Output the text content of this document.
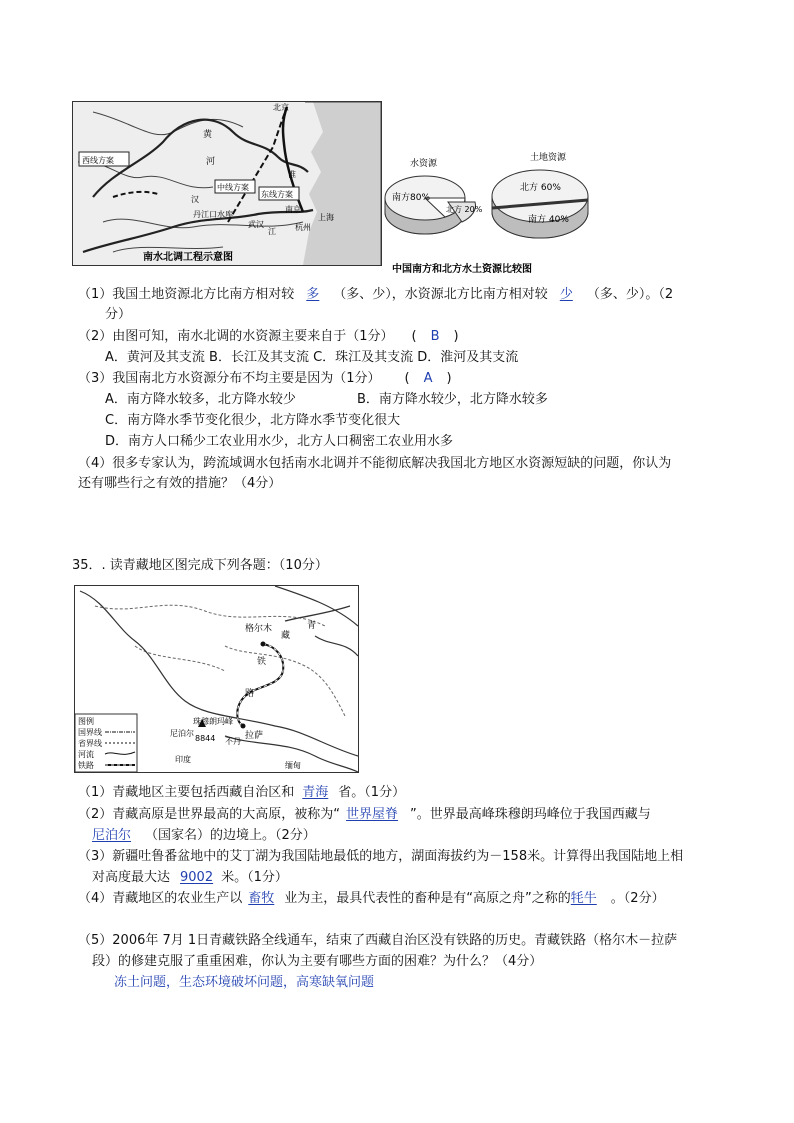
西线方案
中线方案
东线方案
北京
黄
河
汉
丹江口水库
江
武汉
南京
杭州
上海
淮
南水北调工程示意图
水资源
南方80%
北方 20%
土地资源
北方 60%
南方 40%
中国南方和北方水土资源比较图
（1）我国土地资源北方比南方相对较 多 （多、少），水资源北方比南方相对较 少 （多、少）。（2
分）
（2）由图可知，南水北调的水资源主要来自于（1分） ( B )
A．黄河及其支流 B．长江及其支流 C．珠江及其支流 D．淮河及其支流
（3）我国南北方水资源分布不均主要是因为（1分） ( A )
A．南方降水较多，北方降水较少	B．南方降水较少，北方降水较多
C．南方降水季节变化很少，北方降水季节变化很大
D．南方人口稀少工农业用水少，北方人口稠密工农业用水多
（4）很多专家认为，跨流域调水包括南水北调并不能彻底解决我国北方地区水资源短缺的问题，你认为
还有哪些行之有效的措施？（4分）
35．. 读青藏地区图完成下列各题：（10分）
格尔木
藏
青
铁
路
拉萨
珠穆朗玛峰
8844
尼泊尔
不丹
印度
缅甸
图例
国界线
省界线
河流
铁路
（1）青藏地区主要包括西藏自治区和 青海 省。（1分）
（2）青藏高原是世界最高的大高原，被称为“ 世界屋脊 ”。世界最高峰珠穆朗玛峰位于我国西藏与
尼泊尔 （国家名）的边境上。（2分）
（3）新疆吐鲁番盆地中的艾丁湖为我国陆地最低的地方，湖面海拔约为－158米。计算得出我国陆地上相
对高度最大达 9002 米。（1分）
（4）青藏地区的农业生产以 畜牧 业为主，最具代表性的畜种是有“高原之舟”之称的牦牛 。（2分）
（5）2006年 7月 1日青藏铁路全线通车，结束了西藏自治区没有铁路的历史。青藏铁路（格尔木－拉萨
段）的修建克服了重重困难，你认为主要有哪些方面的困难？为什么？（4分）
冻土问题，生态环境破坏问题，高寒缺氧问题
